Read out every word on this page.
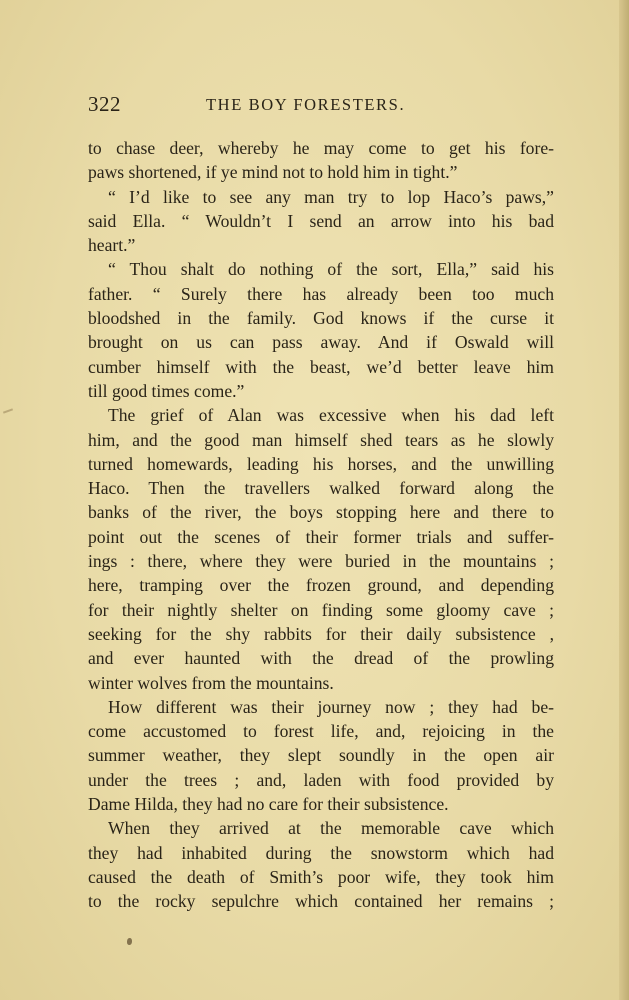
322	THE BOY FORESTERS.
to chase deer, whereby he may come to get his fore-
paws shortened, if ye mind not to hold him in tight.”
“ I’d like to see any man try to lop Haco’s paws,”
said Ella. “ Wouldn’t I send an arrow into his bad
heart.”
“ Thou shalt do nothing of the sort, Ella,” said his
father. “ Surely there has already been too much
bloodshed in the family. God knows if the curse it
brought on us can pass away. And if Oswald will
cumber himself with the beast, we’d better leave him
till good times come.”
The grief of Alan was excessive when his dad left
him, and the good man himself shed tears as he slowly
turned homewards, leading his horses, and the unwilling
Haco. Then the travellers walked forward along the
banks of the river, the boys stopping here and there to
point out the scenes of their former trials and suffer-
ings : there, where they were buried in the mountains ;
here, tramping over the frozen ground, and depending
for their nightly shelter on finding some gloomy cave ;
seeking for the shy rabbits for their daily subsistence ,
and ever haunted with the dread of the prowling
winter wolves from the mountains.
How different was their journey now ; they had be-
come accustomed to forest life, and, rejoicing in the
summer weather, they slept soundly in the open air
under the trees ; and, laden with food provided by
Dame Hilda, they had no care for their subsistence.
When they arrived at the memorable cave which
they had inhabited during the snowstorm which had
caused the death of Smith’s poor wife, they took him
to the rocky sepulchre which contained her remains ;
